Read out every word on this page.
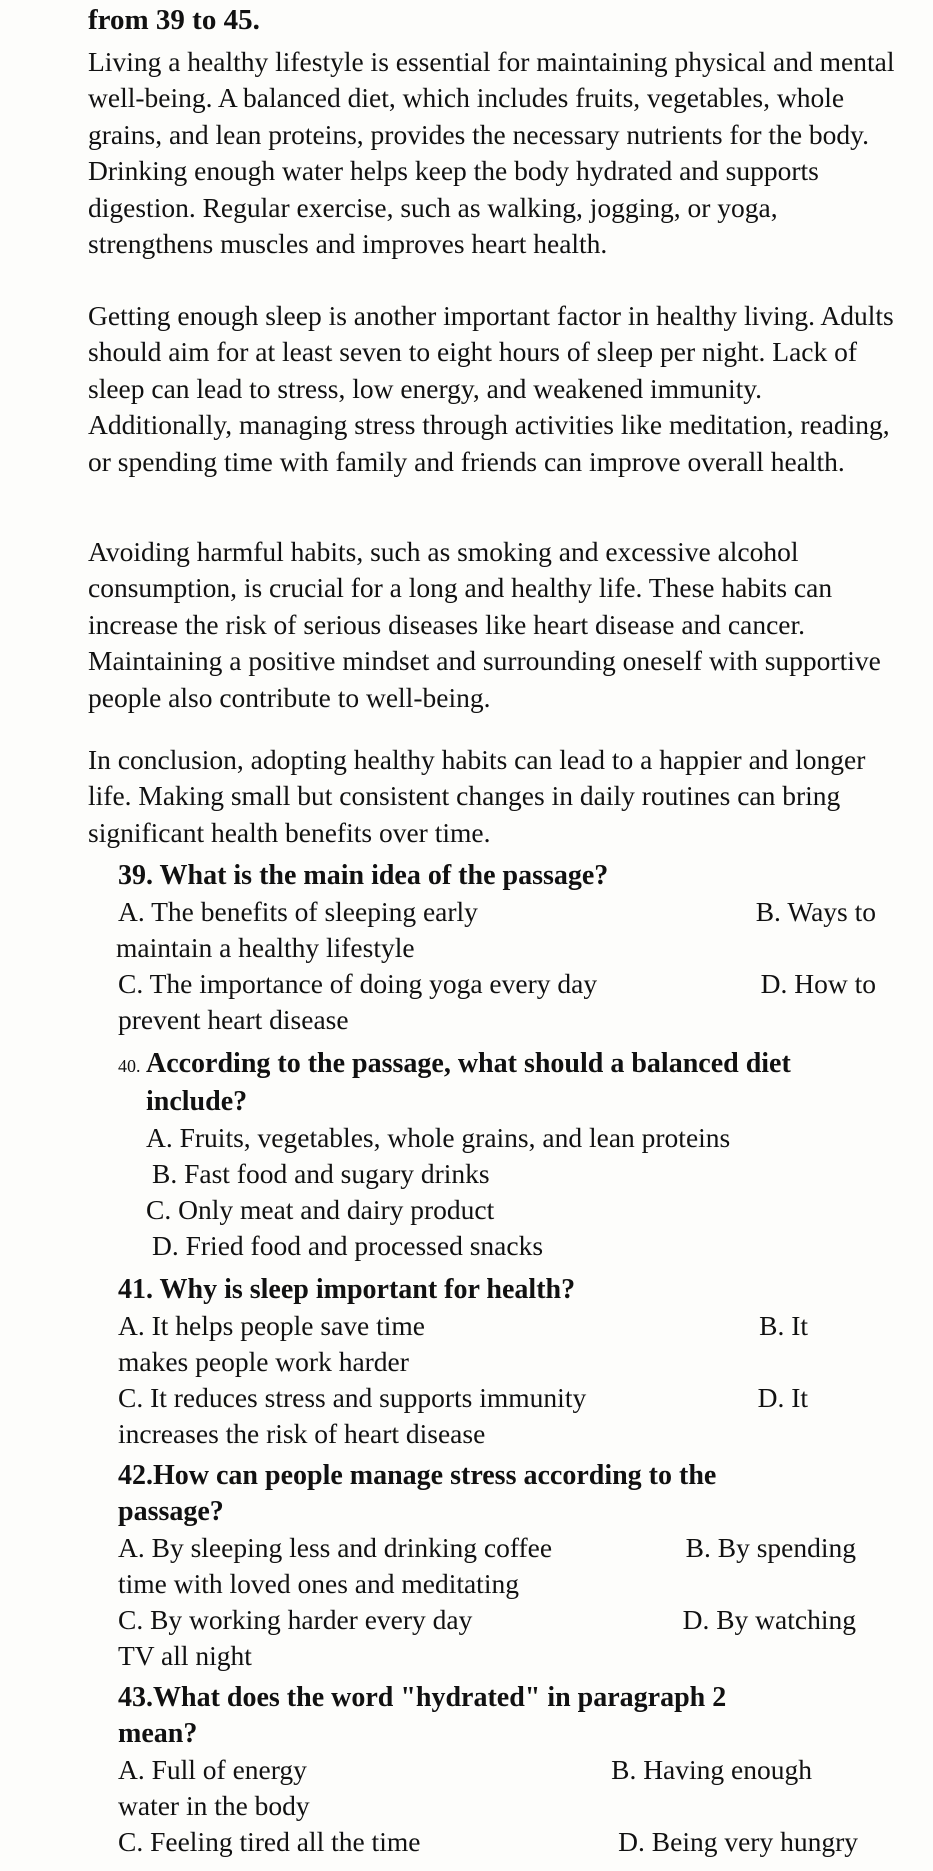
from 39 to 45.

Living a healthy lifestyle is essential for maintaining physical and mental well-being. A balanced diet, which includes fruits, vegetables, whole grains, and lean proteins, provides the necessary nutrients for the body. Drinking enough water helps keep the body hydrated and supports digestion. Regular exercise, such as walking, jogging, or yoga, strengthens muscles and improves heart health.

Getting enough sleep is another important factor in healthy living. Adults should aim for at least seven to eight hours of sleep per night. Lack of sleep can lead to stress, low energy, and weakened immunity. Additionally, managing stress through activities like meditation, reading, or spending time with family and friends can improve overall health.

Avoiding harmful habits, such as smoking and excessive alcohol consumption, is crucial for a long and healthy life. These habits can increase the risk of serious diseases like heart disease and cancer. Maintaining a positive mindset and surrounding oneself with supportive people also contribute to well-being.

In conclusion, adopting healthy habits can lead to a happier and longer life. Making small but consistent changes in daily routines can bring significant health benefits over time.

39. What is the main idea of the passage?
A. The benefits of sleeping early	B. Ways to
maintain a healthy lifestyle
C. The importance of doing yoga every day	D. How to
prevent heart disease
40. According to the passage, what should a balanced diet
include?
A. Fruits, vegetables, whole grains, and lean proteins
B. Fast food and sugary drinks
C. Only meat and dairy product
D. Fried food and processed snacks
41. Why is sleep important for health?
A. It helps people save time	B. It
makes people work harder
C. It reduces stress and supports immunity	D. It
increases the risk of heart disease
42.How can people manage stress according to the
passage?
A. By sleeping less and drinking coffee	B. By spending
time with loved ones and meditating
C. By working harder every day	D. By watching
TV all night
43.What does the word "hydrated" in paragraph 2
mean?
A. Full of energy	B. Having enough
water in the body
C. Feeling tired all the time	D. Being very hungry
